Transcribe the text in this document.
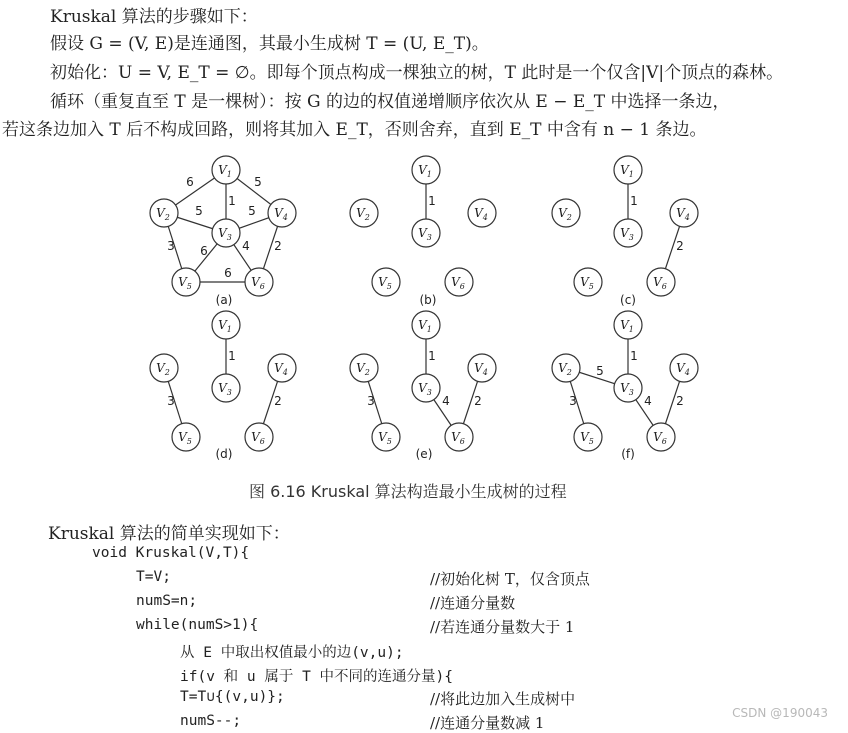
Kruskal 算法的步骤如下：
假设 G = (V, E)是连通图，其最小生成树 T = (U, E_T)。
初始化：U = V, E_T = ∅。即每个顶点构成一棵独立的树，T 此时是一个仅含|V|个顶点的森林。
循环（重复直至 T 是一棵树）：按 G 的边的权值递增顺序依次从 E − E_T 中选择一条边，
若这条边加入 T 后不构成回路，则将其加入 E_T，否则舍弃，直到 E_T 中含有 n − 1 条边。
6	5
1
5	5
3 6	4 2
6
$V_1$
$V_2$
$V_3$
$V_4$
$V_5$	$V_6$
(a)
1
$V_1$
$V_2$
$V_3$
$V_4$
$V_5$	$V_6$
(b)
1
2
$V_1$
$V_2$
$V_3$
$V_4$
$V_5$	$V_6$
(c)
1
2
3
$V_1$
$V_2$
$V_3$
$V_4$
$V_5$	$V_6$
(d)
1
2
3	4
$V_1$
$V_2$
$V_3$
$V_4$
$V_5$	$V_6$
(e)
1
2
3	4
5
$V_1$
$V_2$
$V_3$
$V_4$
$V_5$	$V_6$
(f)
图 6.16 Kruskal 算法构造最小生成树的过程
Kruskal 算法的简单实现如下：
void Kruskal(V,T){
T=V;	//初始化树 T，仅含顶点
numS=n;	//连通分量数
while(numS>1){	//若连通分量数大于 1
从 E 中取出权值最小的边(v,u);
if(v 和 u 属于 T 中不同的连通分量){
T=T∪{(v,u)};	//将此边加入生成树中
numS--;	//连通分量数减 1
CSDN @190043
